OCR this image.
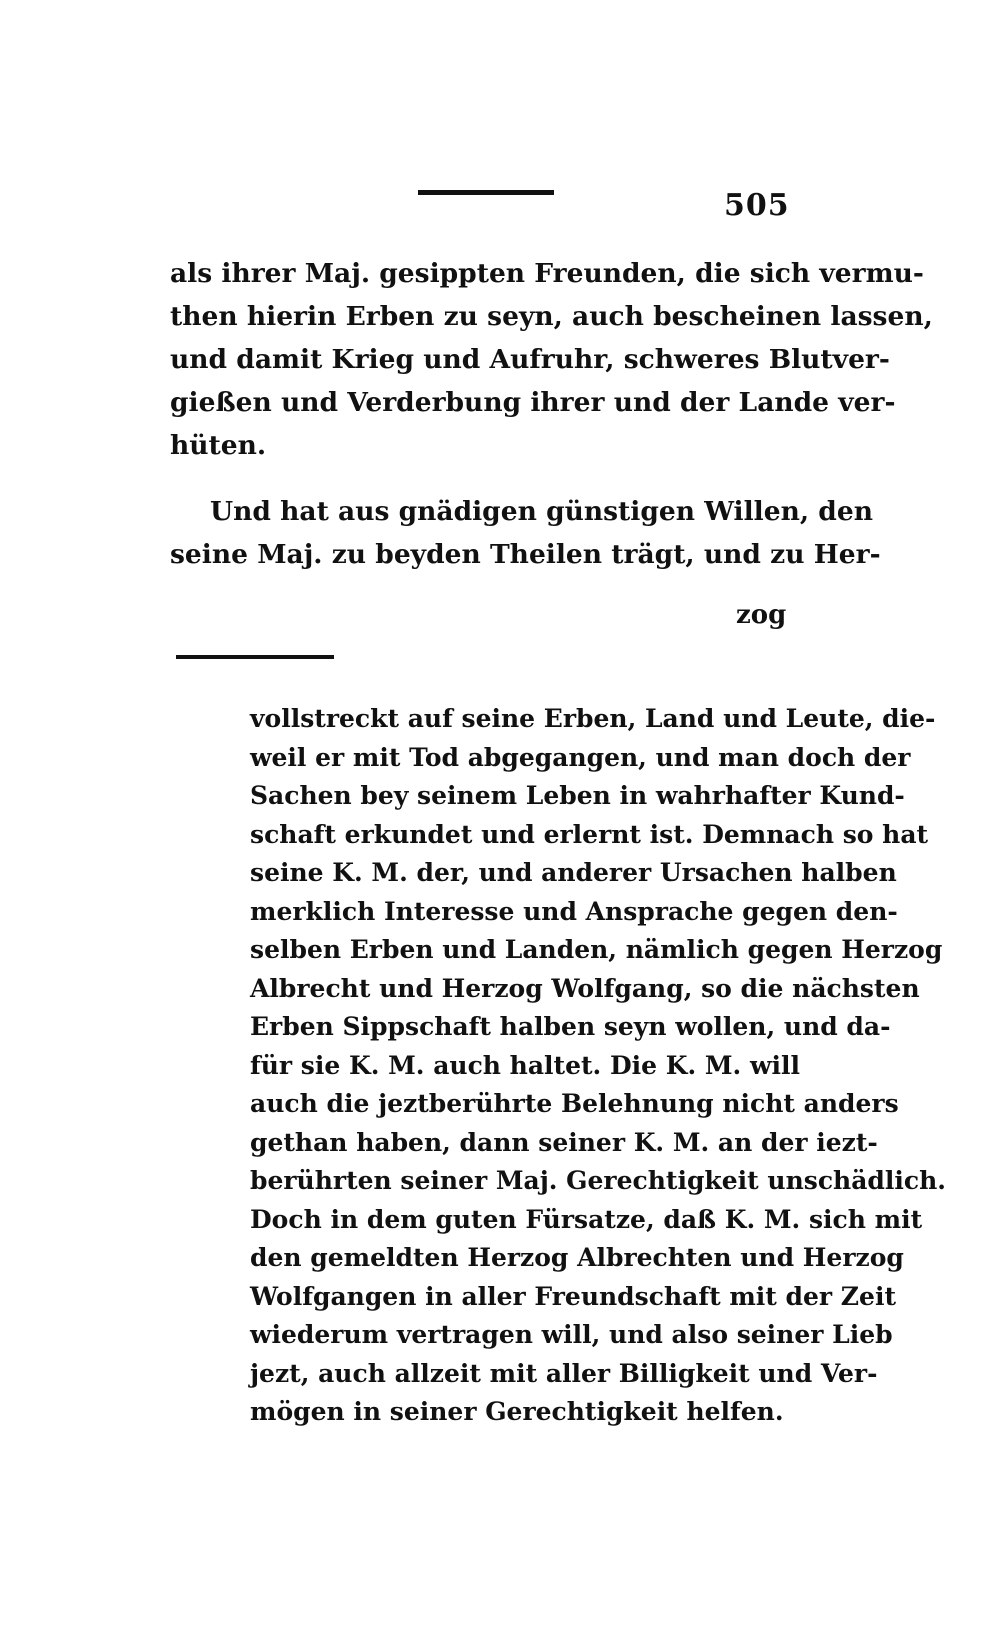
505
als ihrer Maj. gesippten Freunden, die sich vermu-
then hierin Erben zu seyn, auch bescheinen lassen,
und damit Krieg und Aufruhr, schweres Blutver-
gießen und Verderbung ihrer und der Lande ver-
hüten.
Und hat aus gnädigen günstigen Willen, den
seine Maj. zu beyden Theilen trägt, und zu Her-
zog
vollstreckt auf seine Erben, Land und Leute, die-
weil er mit Tod abgegangen, und man doch der
Sachen bey seinem Leben in wahrhafter Kund-
schaft erkundet und erlernt ist. Demnach so hat
seine K. M. der, und anderer Ursachen halben
merklich Interesse und Ansprache gegen den-
selben Erben und Landen, nämlich gegen Herzog
Albrecht und Herzog Wolfgang, so die nächsten
Erben Sippschaft halben seyn wollen, und da-
für sie K. M. auch haltet. Die K. M. will
auch die jeztberührte Belehnung nicht anders
gethan haben, dann seiner K. M. an der iezt-
berührten seiner Maj. Gerechtigkeit unschädlich.
Doch in dem guten Fürsatze, daß K. M. sich mit
den gemeldten Herzog Albrechten und Herzog
Wolfgangen in aller Freundschaft mit der Zeit
wiederum vertragen will, und also seiner Lieb
jezt, auch allzeit mit aller Billigkeit und Ver-
mögen in seiner Gerechtigkeit helfen.
